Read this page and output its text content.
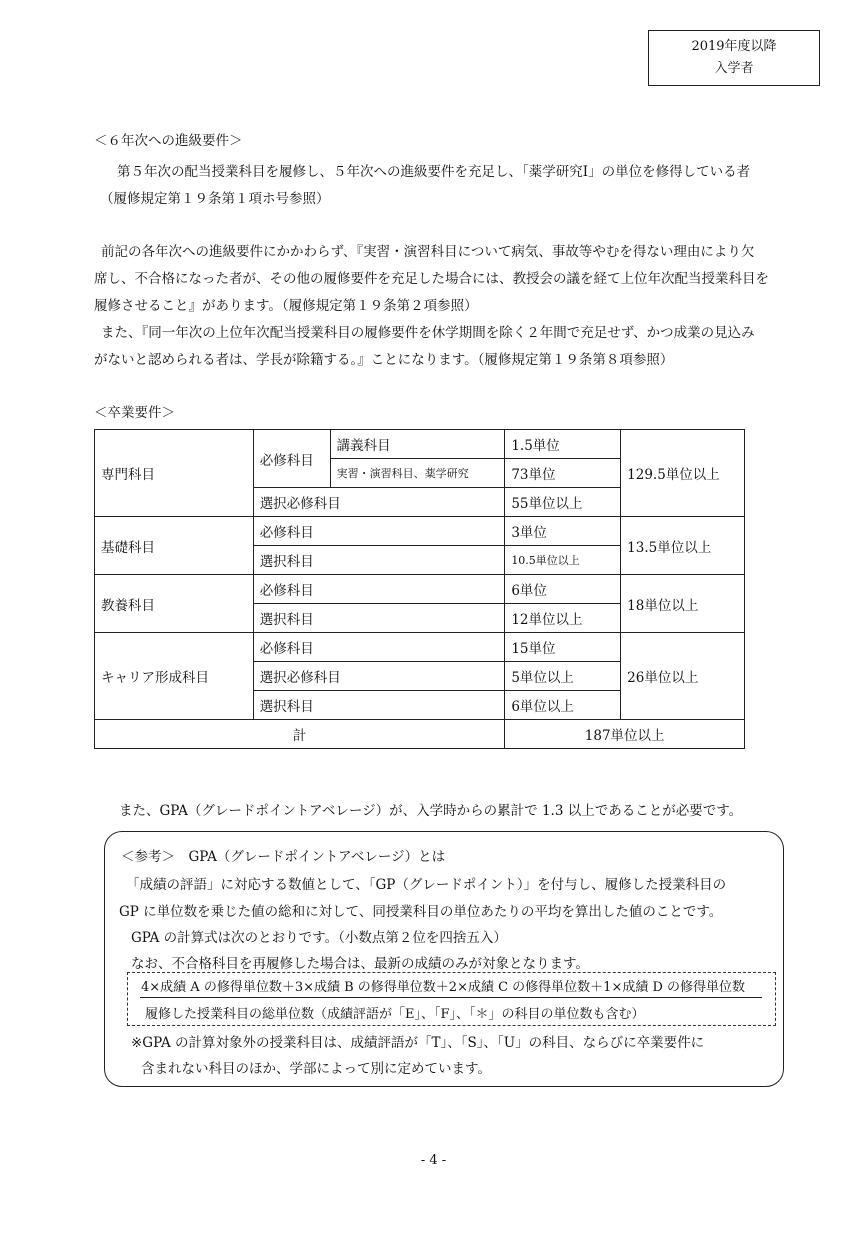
2019年度以降
入学者
＜６年次への進級要件＞
第５年次の配当授業科目を履修し、５年次への進級要件を充足し、「薬学研究Ⅰ」の単位を修得している者
（履修規定第１９条第１項ホ号参照）
前記の各年次への進級要件にかかわらず、『実習・演習科目について病気、事故等やむを得ない理由により欠
席し、不合格になった者が、その他の履修要件を充足した場合には、教授会の議を経て上位年次配当授業科目を
履修させること』があります。（履修規定第１９条第２項参照）
また、『同一年次の上位年次配当授業科目の履修要件を休学期間を除く２年間で充足せず、かつ成業の見込み
がないと認められる者は、学長が除籍する。』ことになります。（履修規定第１９条第８項参照）
＜卒業要件＞
専門科目	必修科目	講義科目	1.5単位	129.5単位以上
		実習・演習科目、薬学研究	73単位	
	選択必修科目		55単位以上	
基礎科目	必修科目		3単位	13.5単位以上
	選択科目		10.5単位以上	
教養科目	必修科目		6単位	18単位以上
	選択科目		12単位以上	
キャリア形成科目	必修科目		15単位	26単位以上
	選択必修科目		5単位以上	
	選択科目		6単位以上	
計			187単位以上	
また、GPA（グレードポイントアベレージ）が、入学時からの累計で 1.3 以上であることが必要です。
＜参考＞　GPA（グレードポイントアベレージ）とは
「成績の評語」に対応する数値として、「GP（グレードポイント）」を付与し、履修した授業科目の
GP に単位数を乗じた値の総和に対して、同授業科目の単位あたりの平均を算出した値のことです。
GPA の計算式は次のとおりです。（小数点第２位を四捨五入）
なお、不合格科目を再履修した場合は、最新の成績のみが対象となります。
4×成績 A の修得単位数＋3×成績 B の修得単位数＋2×成績 C の修得単位数＋1×成績 D の修得単位数
履修した授業科目の総単位数（成績評語が「E」、「F」、「＊」の科目の単位数も含む）
※GPA の計算対象外の授業科目は、成績評語が「T」、「S」、「U」の科目、ならびに卒業要件に
含まれない科目のほか、学部によって別に定めています。
- 4 -
